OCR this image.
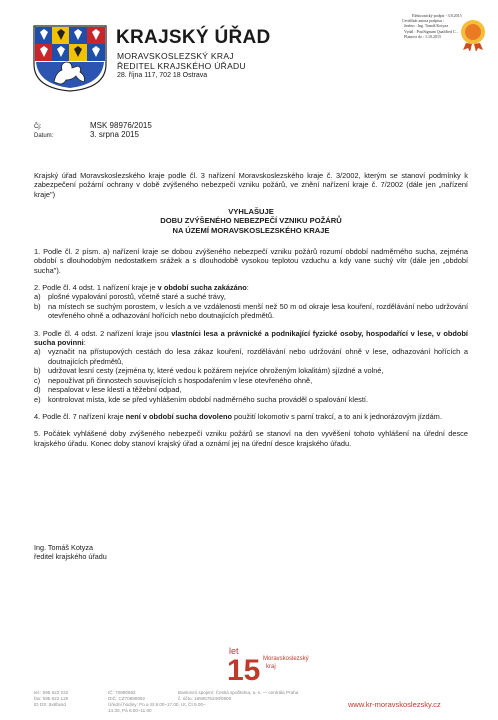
KRAJSKÝ ÚŘAD
MORAVSKOSLEZSKÝ KRAJ
ŘEDITEL KRAJSKÉHO ÚŘADU
28. října 117, 702 18 Ostrava
Elektronický podpis - 3.8.2015
Certifikát autora podpisu :
Jméno : Ing. Tomáš Kotyza
Vydal : PostSignum Qualified C...
Platnost do : 1.10.2015
Čj:	MSK 98976/2015
Datum:	3. srpna 2015

Krajský úřad Moravskoslezského kraje podle čl. 3 nařízení Moravskoslezského kraje č. 3/2002, kterým se stanoví podmínky k zabezpečení požární ochrany v době zvýšeného nebezpečí vzniku požárů, ve znění nařízení kraje č. 7/2002 (dále jen „nařízení kraje")

VYHLAŠUJE
DOBU ZVÝŠENÉHO NEBEZPEČÍ VZNIKU POŽÁRŮ
NA ÚZEMÍ MORAVSKOSLEZSKÉHO KRAJE

1. Podle čl. 2 písm. a) nařízení kraje se dobou zvýšeného nebezpečí vzniku požárů rozumí období nadměrného sucha, zejména období s dlouhodobým nedostatkem srážek a s dlouhodobě vysokou teplotou vzduchu a kdy vane suchý vítr (dále jen „období sucha").

2. Podle čl. 4 odst. 1 nařízení kraje je v období sucha zakázáno:
a)	plošné vypalování porostů, včetně staré a suché trávy,
b)	na místech se suchým porostem, v lesích a ve vzdálenosti menší než 50 m od okraje lesa kouření, rozdělávání nebo udržování otevřeného ohně a odhazování hořících nebo doutnajících předmětů.
3. Podle čl. 4 odst. 2 nařízení kraje jsou vlastníci lesa a právnické a podnikající fyzické osoby, hospodařící v lese, v období sucha povinni:
a)	vyznačit na přístupových cestách do lesa zákaz kouření, rozdělávání nebo udržování ohně v lese, odhazování hořících a doutnajících předmětů,
b)	udržovat lesní cesty (zejména ty, které vedou k požárem nejvíce ohroženým lokalitám) sjízdné a volné,
c)	nepoužívat při činnostech souvisejících s hospodařením v lese otevřeného ohně,
d)	nespalovat v lese klestí a těžební odpad,
e)	kontrolovat místa, kde se před vyhlášením období nadměrného sucha prováděl o spalování klestí.

4. Podle čl. 7 nařízení kraje není v období sucha dovoleno použití lokomotiv s parní trakcí, a to ani k jednorázovým jízdám.

5. Počátek vyhlášené doby zvýšeného nebezpečí vzniku požárů se stanoví na den vyvěšení tohoto vyhlášení na úřední desce krajského úřadu. Konec doby stanoví krajský úřad a oznámí jej na úřední desce krajského úřadu.

Ing. Tomáš Kotyza
ředitel krajského úřadu
let
15 Moravskoslezský
kraj
tel.: 595 622 222
fax: 595 622 126
ID DS: 8x6bxsd
IČ: 70890692
DIČ: CZ70890692
Úřední hodiny: Po a St 8.00–17.00, Út, Čt 9.00–14.30, Pá 8.00–11.00
Bankovní spojení: Česká spořitelna, a. s. — centrála Praha
č. účtu: 1650676349/0800
www.kr-moravskoslezsky.cz
